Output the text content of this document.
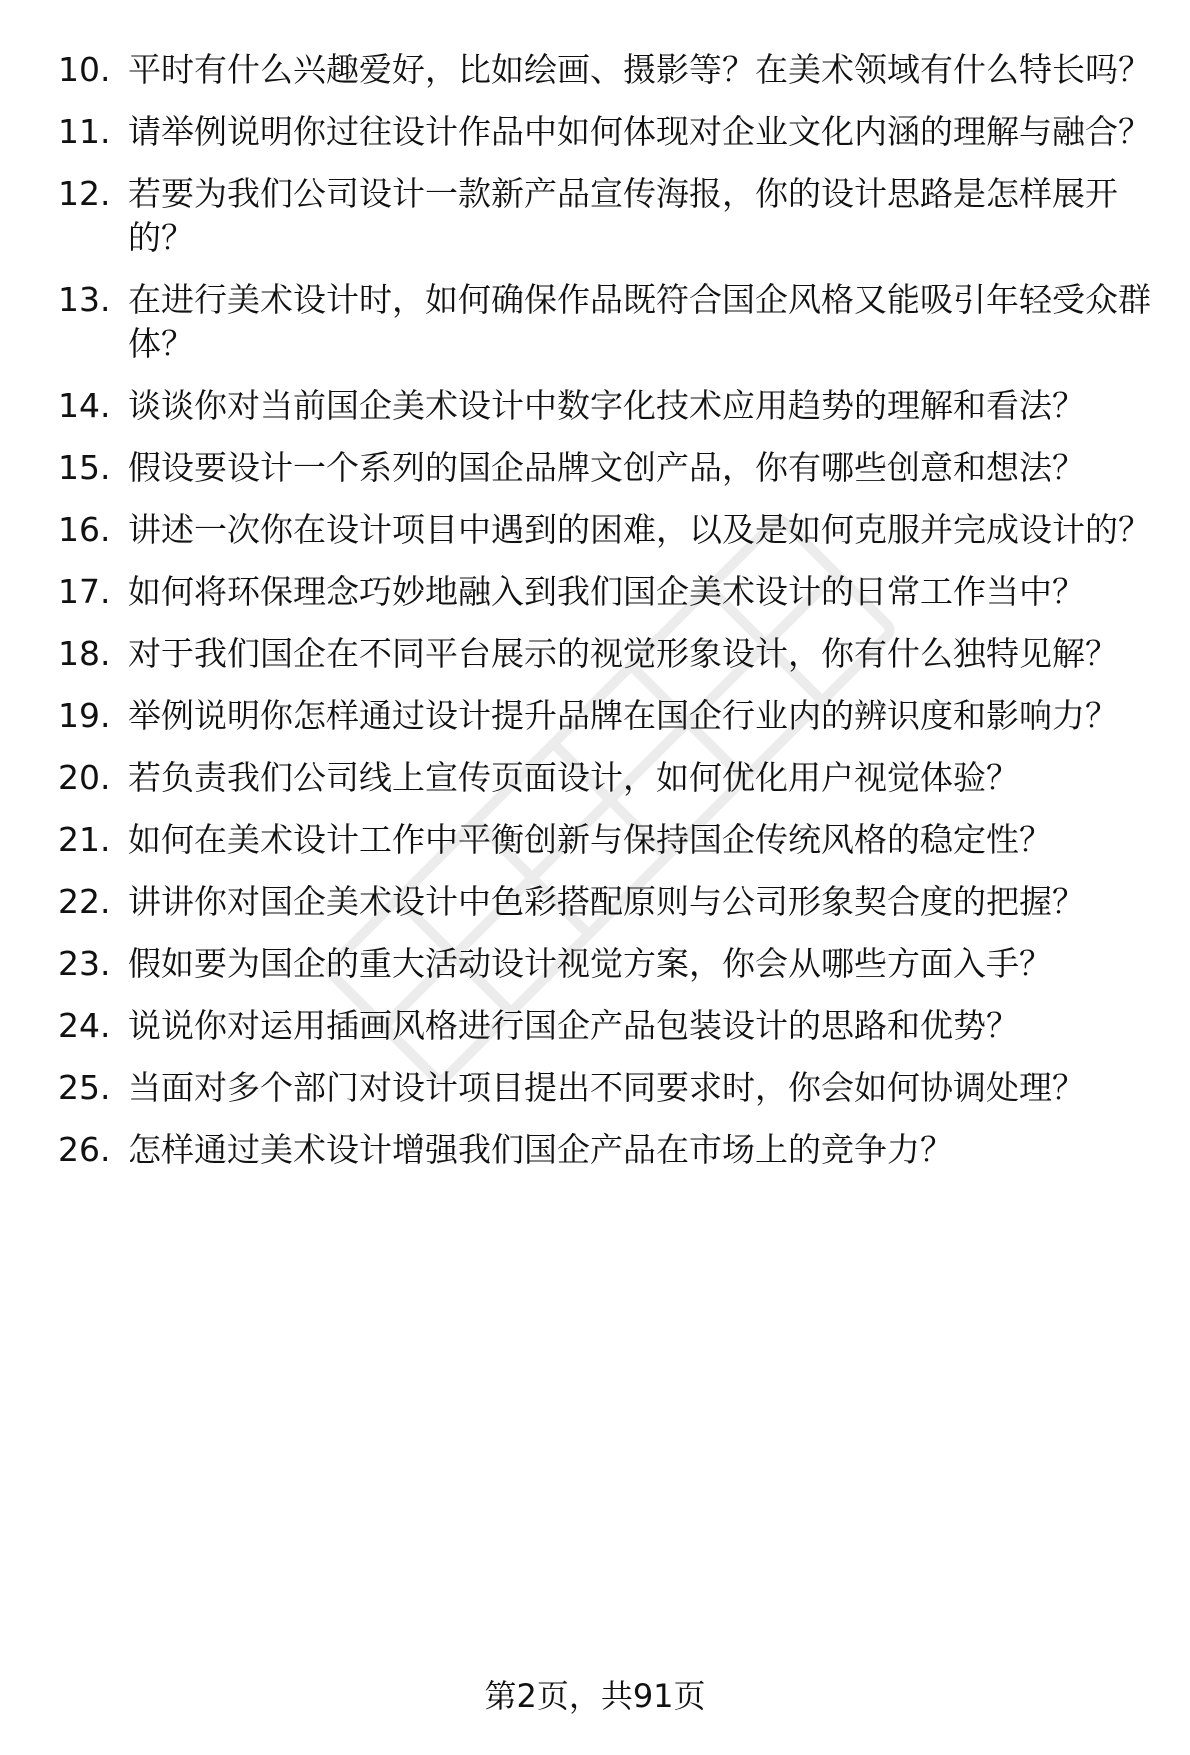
10. 平时有什么兴趣爱好，比如绘画、摄影等？在美术领域有什么特长吗？
11. 请举例说明你过往设计作品中如何体现对企业文化内涵的理解与融合？
12. 若要为我们公司设计一款新产品宣传海报，你的设计思路是怎样展开的？
13. 在进行美术设计时，如何确保作品既符合国企风格又能吸引年轻受众群体？
14. 谈谈你对当前国企美术设计中数字化技术应用趋势的理解和看法？
15. 假设要设计一个系列的国企品牌文创产品，你有哪些创意和想法？
16. 讲述一次你在设计项目中遇到的困难，以及是如何克服并完成设计的？
17. 如何将环保理念巧妙地融入到我们国企美术设计的日常工作当中？
18. 对于我们国企在不同平台展示的视觉形象设计，你有什么独特见解？
19. 举例说明你怎样通过设计提升品牌在国企行业内的辨识度和影响力？
20. 若负责我们公司线上宣传页面设计，如何优化用户视觉体验？
21. 如何在美术设计工作中平衡创新与保持国企传统风格的稳定性？
22. 讲讲你对国企美术设计中色彩搭配原则与公司形象契合度的把握？
23. 假如要为国企的重大活动设计视觉方案，你会从哪些方面入手？
24. 说说你对运用插画风格进行国企产品包装设计的思路和优势？
25. 当面对多个部门对设计项目提出不同要求时，你会如何协调处理？
26. 怎样通过美术设计增强我们国企产品在市场上的竞争力？
第2页，共91页
